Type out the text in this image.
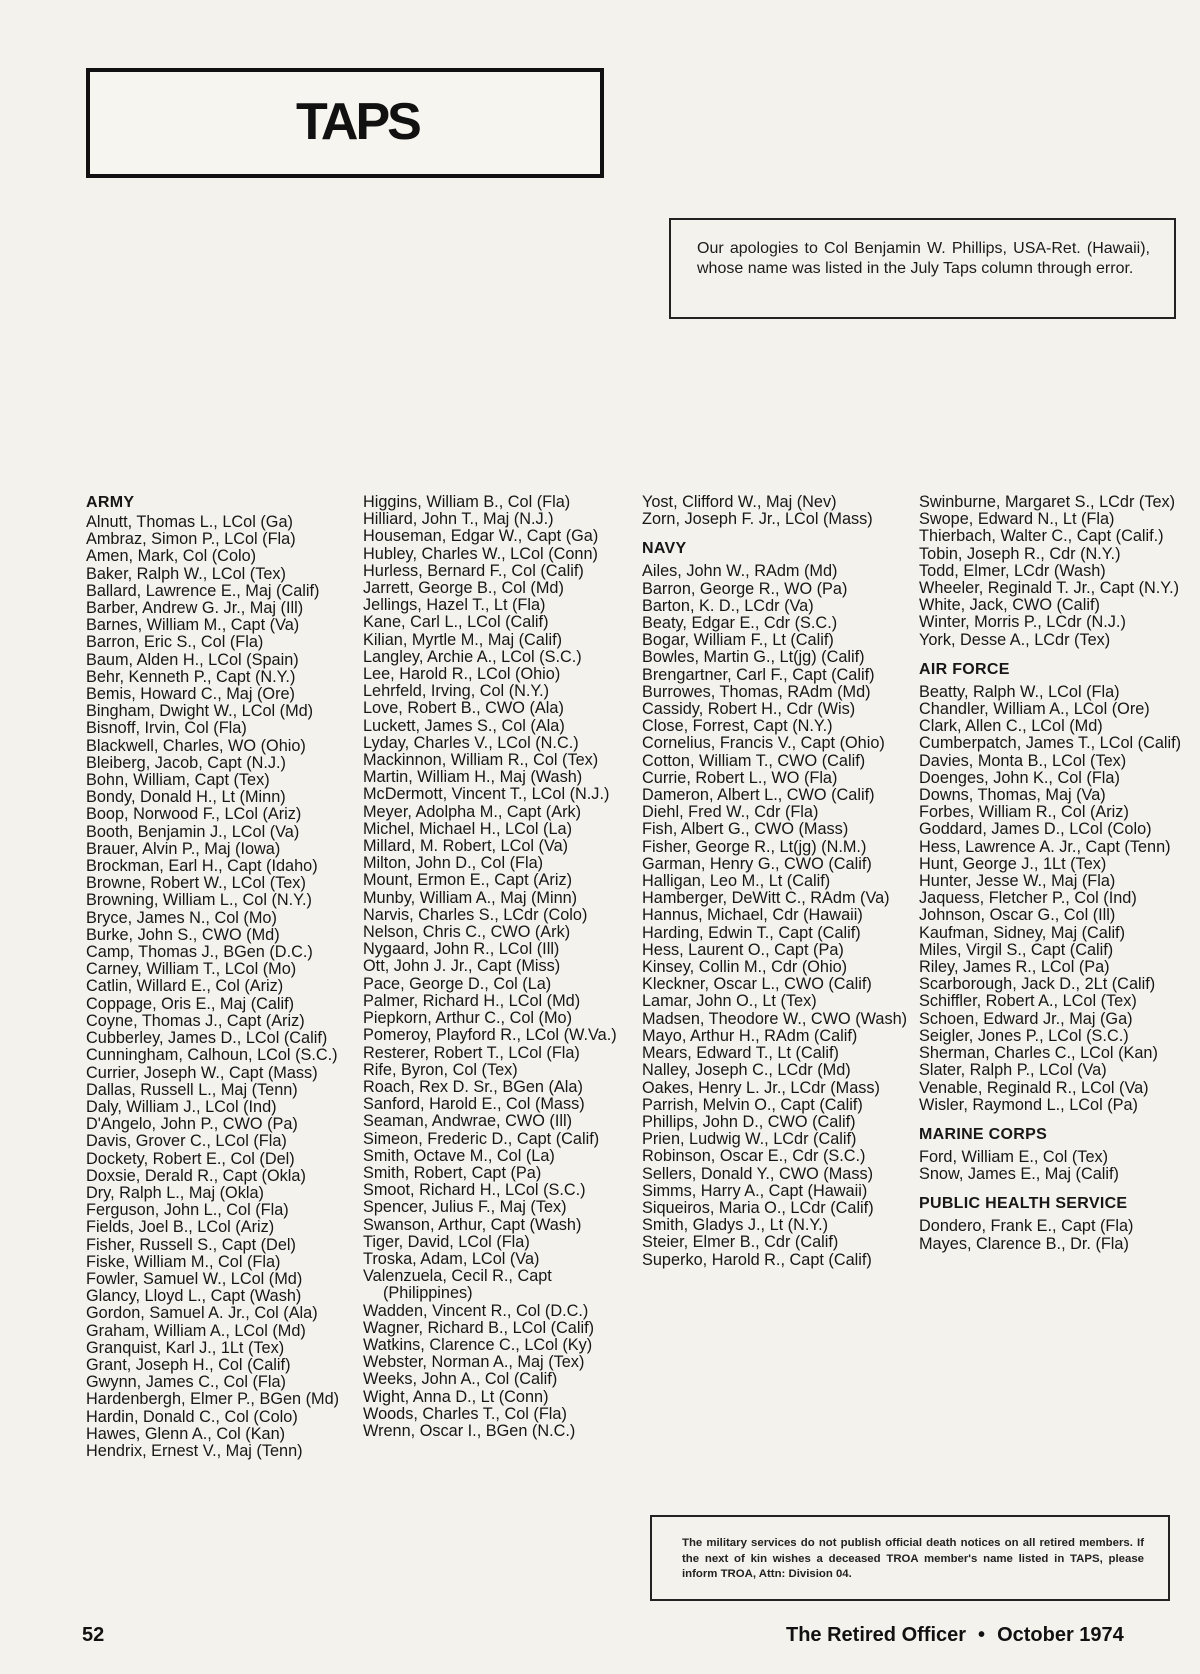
TAPS
Our apologies to Col Benjamin W. Phillips, USA-Ret. (Hawaii), whose name was listed in the July Taps column through error.
ARMY
Alnutt, Thomas L., LCol (Ga)
Ambraz, Simon P., LCol (Fla)
Amen, Mark, Col (Colo)
Baker, Ralph W., LCol (Tex)
Ballard, Lawrence E., Maj (Calif)
Barber, Andrew G. Jr., Maj (Ill)
Barnes, William M., Capt (Va)
Barron, Eric S., Col (Fla)
Baum, Alden H., LCol (Spain)
Behr, Kenneth P., Capt (N.Y.)
Bemis, Howard C., Maj (Ore)
Bingham, Dwight W., LCol (Md)
Bisnoff, Irvin, Col (Fla)
Blackwell, Charles, WO (Ohio)
Bleiberg, Jacob, Capt (N.J.)
Bohn, William, Capt (Tex)
Bondy, Donald H., Lt (Minn)
Boop, Norwood F., LCol (Ariz)
Booth, Benjamin J., LCol (Va)
Brauer, Alvin P., Maj (Iowa)
Brockman, Earl H., Capt (Idaho)
Browne, Robert W., LCol (Tex)
Browning, William L., Col (N.Y.)
Bryce, James N., Col (Mo)
Burke, John S., CWO (Md)
Camp, Thomas J., BGen (D.C.)
Carney, William T., LCol (Mo)
Catlin, Willard E., Col (Ariz)
Coppage, Oris E., Maj (Calif)
Coyne, Thomas J., Capt (Ariz)
Cubberley, James D., LCol (Calif)
Cunningham, Calhoun, LCol (S.C.)
Currier, Joseph W., Capt (Mass)
Dallas, Russell L., Maj (Tenn)
Daly, William J., LCol (Ind)
D'Angelo, John P., CWO (Pa)
Davis, Grover C., LCol (Fla)
Dockety, Robert E., Col (Del)
Doxsie, Derald R., Capt (Okla)
Dry, Ralph L., Maj (Okla)
Ferguson, John L., Col (Fla)
Fields, Joel B., LCol (Ariz)
Fisher, Russell S., Capt (Del)
Fiske, William M., Col (Fla)
Fowler, Samuel W., LCol (Md)
Glancy, Lloyd L., Capt (Wash)
Gordon, Samuel A. Jr., Col (Ala)
Graham, William A., LCol (Md)
Granquist, Karl J., 1Lt (Tex)
Grant, Joseph H., Col (Calif)
Gwynn, James C., Col (Fla)
Hardenbergh, Elmer P., BGen (Md)
Hardin, Donald C., Col (Colo)
Hawes, Glenn A., Col (Kan)
Hendrix, Ernest V., Maj (Tenn)
Higgins, William B., Col (Fla)
Hilliard, John T., Maj (N.J.)
Houseman, Edgar W., Capt (Ga)
Hubley, Charles W., LCol (Conn)
Hurless, Bernard F., Col (Calif)
Jarrett, George B., Col (Md)
Jellings, Hazel T., Lt (Fla)
Kane, Carl L., LCol (Calif)
Kilian, Myrtle M., Maj (Calif)
Langley, Archie A., LCol (S.C.)
Lee, Harold R., LCol (Ohio)
Lehrfeld, Irving, Col (N.Y.)
Love, Robert B., CWO (Ala)
Luckett, James S., Col (Ala)
Lyday, Charles V., LCol (N.C.)
Mackinnon, William R., Col (Tex)
Martin, William H., Maj (Wash)
McDermott, Vincent T., LCol (N.J.)
Meyer, Adolpha M., Capt (Ark)
Michel, Michael H., LCol (La)
Millard, M. Robert, LCol (Va)
Milton, John D., Col (Fla)
Mount, Ermon E., Capt (Ariz)
Munby, William A., Maj (Minn)
Narvis, Charles S., LCdr (Colo)
Nelson, Chris C., CWO (Ark)
Nygaard, John R., LCol (Ill)
Ott, John J. Jr., Capt (Miss)
Pace, George D., Col (La)
Palmer, Richard H., LCol (Md)
Piepkorn, Arthur C., Col (Mo)
Pomeroy, Playford R., LCol (W.Va.)
Resterer, Robert T., LCol (Fla)
Rife, Byron, Col (Tex)
Roach, Rex D. Sr., BGen (Ala)
Sanford, Harold E., Col (Mass)
Seaman, Andwrae, CWO (Ill)
Simeon, Frederic D., Capt (Calif)
Smith, Octave M., Col (La)
Smith, Robert, Capt (Pa)
Smoot, Richard H., LCol (S.C.)
Spencer, Julius F., Maj (Tex)
Swanson, Arthur, Capt (Wash)
Tiger, David, LCol (Fla)
Troska, Adam, LCol (Va)
Valenzuela, Cecil R., Capt (Philippines)
Wadden, Vincent R., Col (D.C.)
Wagner, Richard B., LCol (Calif)
Watkins, Clarence C., LCol (Ky)
Webster, Norman A., Maj (Tex)
Weeks, John A., Col (Calif)
Wight, Anna D., Lt (Conn)
Woods, Charles T., Col (Fla)
Wrenn, Oscar I., BGen (N.C.)
Yost, Clifford W., Maj (Nev)
Zorn, Joseph F. Jr., LCol (Mass)
NAVY
Ailes, John W., RAdm (Md)
Barron, George R., WO (Pa)
Barton, K. D., LCdr (Va)
Beaty, Edgar E., Cdr (S.C.)
Bogar, William F., Lt (Calif)
Bowles, Martin G., Lt(jg) (Calif)
Brengartner, Carl F., Capt (Calif)
Burrowes, Thomas, RAdm (Md)
Cassidy, Robert H., Cdr (Wis)
Close, Forrest, Capt (N.Y.)
Cornelius, Francis V., Capt (Ohio)
Cotton, William T., CWO (Calif)
Currie, Robert L., WO (Fla)
Dameron, Albert L., CWO (Calif)
Diehl, Fred W., Cdr (Fla)
Fish, Albert G., CWO (Mass)
Fisher, George R., Lt(jg) (N.M.)
Garman, Henry G., CWO (Calif)
Halligan, Leo M., Lt (Calif)
Hamberger, DeWitt C., RAdm (Va)
Hannus, Michael, Cdr (Hawaii)
Harding, Edwin T., Capt (Calif)
Hess, Laurent O., Capt (Pa)
Kinsey, Collin M., Cdr (Ohio)
Kleckner, Oscar L., CWO (Calif)
Lamar, John O., Lt (Tex)
Madsen, Theodore W., CWO (Wash)
Mayo, Arthur H., RAdm (Calif)
Mears, Edward T., Lt (Calif)
Nalley, Joseph C., LCdr (Md)
Oakes, Henry L. Jr., LCdr (Mass)
Parrish, Melvin O., Capt (Calif)
Phillips, John D., CWO (Calif)
Prien, Ludwig W., LCdr (Calif)
Robinson, Oscar E., Cdr (S.C.)
Sellers, Donald Y., CWO (Mass)
Simms, Harry A., Capt (Hawaii)
Siqueiros, Maria O., LCdr (Calif)
Smith, Gladys J., Lt (N.Y.)
Steier, Elmer B., Cdr (Calif)
Superko, Harold R., Capt (Calif)
Swinburne, Margaret S., LCdr (Tex)
Swope, Edward N., Lt (Fla)
Thierbach, Walter C., Capt (Calif.)
Tobin, Joseph R., Cdr (N.Y.)
Todd, Elmer, LCdr (Wash)
Wheeler, Reginald T. Jr., Capt (N.Y.)
White, Jack, CWO (Calif)
Winter, Morris P., LCdr (N.J.)
York, Desse A., LCdr (Tex)
AIR FORCE
Beatty, Ralph W., LCol (Fla)
Chandler, William A., LCol (Ore)
Clark, Allen C., LCol (Md)
Cumberpatch, James T., LCol (Calif)
Davies, Monta B., LCol (Tex)
Doenges, John K., Col (Fla)
Downs, Thomas, Maj (Va)
Forbes, William R., Col (Ariz)
Goddard, James D., LCol (Colo)
Hess, Lawrence A. Jr., Capt (Tenn)
Hunt, George J., 1Lt (Tex)
Hunter, Jesse W., Maj (Fla)
Jaquess, Fletcher P., Col (Ind)
Johnson, Oscar G., Col (Ill)
Kaufman, Sidney, Maj (Calif)
Miles, Virgil S., Capt (Calif)
Riley, James R., LCol (Pa)
Scarborough, Jack D., 2Lt (Calif)
Schiffler, Robert A., LCol (Tex)
Schoen, Edward Jr., Maj (Ga)
Seigler, Jones P., LCol (S.C.)
Sherman, Charles C., LCol (Kan)
Slater, Ralph P., LCol (Va)
Venable, Reginald R., LCol (Va)
Wisler, Raymond L., LCol (Pa)
MARINE CORPS
Ford, William E., Col (Tex)
Snow, James E., Maj (Calif)
PUBLIC HEALTH SERVICE
Dondero, Frank E., Capt (Fla)
Mayes, Clarence B., Dr. (Fla)
The military services do not publish official death notices on all retired members. If the next of kin wishes a deceased TROA member's name listed in TAPS, please inform TROA, Attn: Division 04.
52	The Retired Officer • October 1974
